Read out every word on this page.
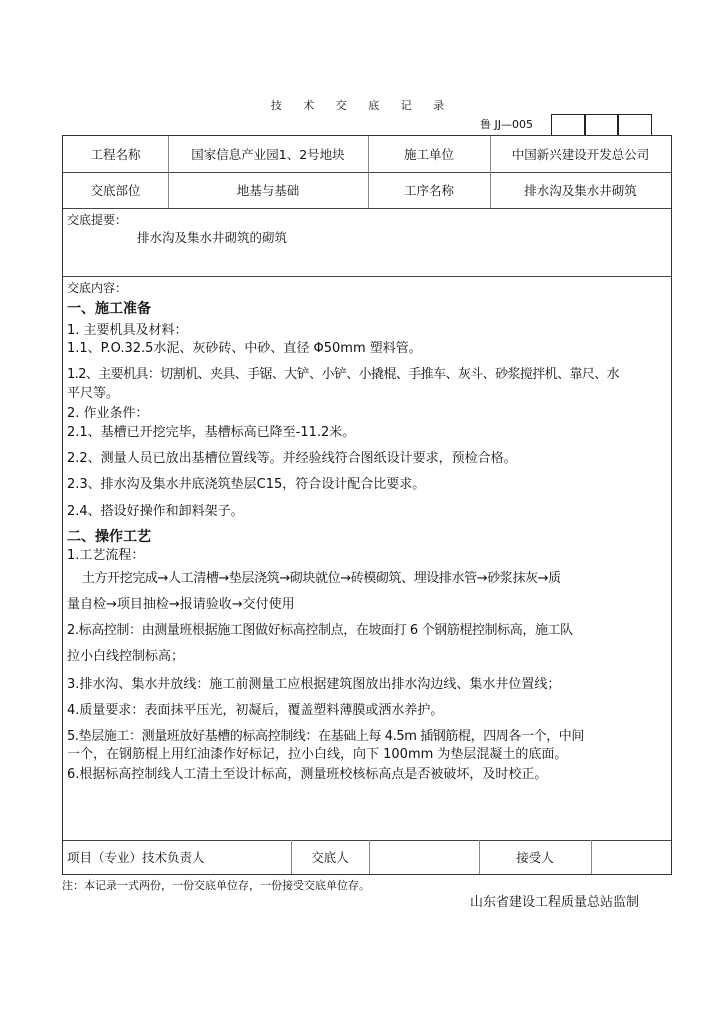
技 术 交 底 记 录
鲁 JJ—005
工程名称	国家信息产业园1、2号地块	施工单位	中国新兴建设开发总公司
交底部位	地基与基础	工序名称	排水沟及集水井砌筑
交底提要：
排水沟及集水井砌筑的砌筑
交底内容：
一、施工准备
1. 主要机具及材料：
1.1、P.O.32.5水泥、灰砂砖、中砂、直径 Φ50mm 塑料管。
1.2、主要机具：切割机、夹具、手锯、大铲、小铲、小撬棍、手推车、灰斗、砂浆搅拌机、靠尺、水
平尺等。
2. 作业条件：
2.1、基槽已开挖完毕，基槽标高已降至-11.2米。
2.2、测量人员已放出基槽位置线等。并经验线符合图纸设计要求，预检合格。
2.3、排水沟及集水井底浇筑垫层C15，符合设计配合比要求。
2.4、搭设好操作和卸料架子。
二、操作工艺
1.工艺流程：
土方开挖完成→人工清槽→垫层浇筑→砌块就位→砖模砌筑、埋设排水管→砂浆抹灰→质
量自检→项目抽检→报请验收→交付使用
2.标高控制：由测量班根据施工图做好标高控制点，在坡面打 6 个钢筋棍控制标高，施工队
拉小白线控制标高；
3.排水沟、集水井放线：施工前测量工应根据建筑图放出排水沟边线、集水井位置线；
4.质量要求：表面抹平压光，初凝后，覆盖塑料薄膜或洒水养护。
5.垫层施工：测量班放好基槽的标高控制线：在基础上每 4.5m 插钢筋棍，四周各一个，中间
一个，在钢筋棍上用红油漆作好标记，拉小白线，向下 100mm 为垫层混凝土的底面。
6.根据标高控制线人工清土至设计标高，测量班校核标高点是否被破坏，及时校正。
项目（专业）技术负责人	交底人	接受人
注：本记录一式两份，一份交底单位存，一份接受交底单位存。
山东省建设工程质量总站监制
